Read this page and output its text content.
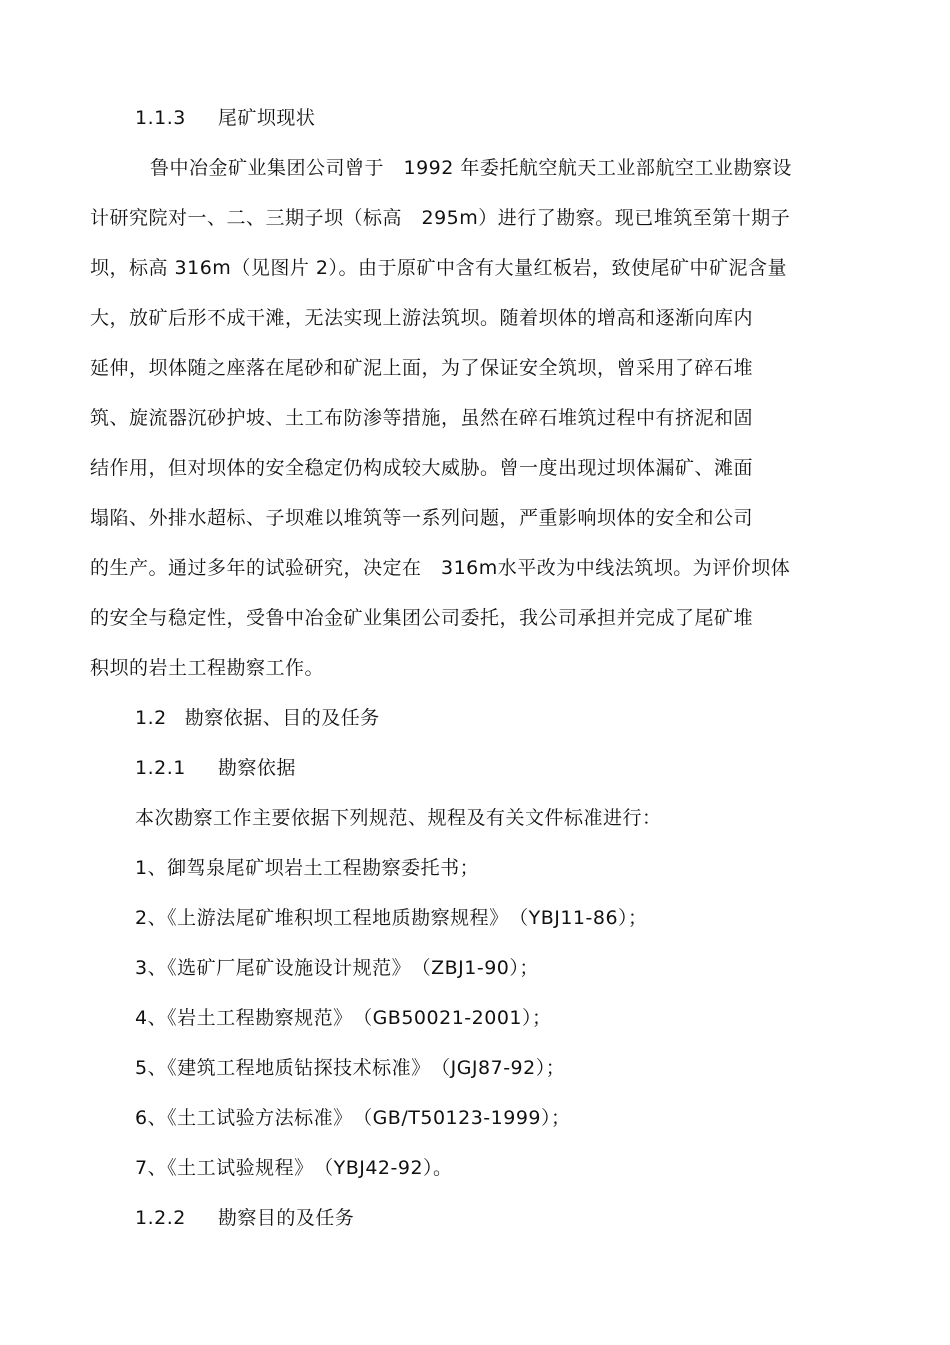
1.1.3 尾矿坝现状
鲁中冶金矿业集团公司曾于　1992 年委托航空航天工业部航空工业勘察设
计研究院对一、二、三期子坝（标高　295m）进行了勘察。现已堆筑至第十期子
坝，标高 316m（见图片 2）。由于原矿中含有大量红板岩，致使尾矿中矿泥含量
大，放矿后形不成干滩，无法实现上游法筑坝。随着坝体的增高和逐渐向库内
延伸，坝体随之座落在尾砂和矿泥上面，为了保证安全筑坝，曾采用了碎石堆
筑、旋流器沉砂护坡、土工布防渗等措施，虽然在碎石堆筑过程中有挤泥和固
结作用，但对坝体的安全稳定仍构成较大威胁。曾一度出现过坝体漏矿、滩面
塌陷、外排水超标、子坝难以堆筑等一系列问题，严重影响坝体的安全和公司
的生产。通过多年的试验研究，决定在　316m水平改为中线法筑坝。为评价坝体
的安全与稳定性，受鲁中冶金矿业集团公司委托，我公司承担并完成了尾矿堆
积坝的岩土工程勘察工作。
1.2 勘察依据、目的及任务
1.2.1 勘察依据
本次勘察工作主要依据下列规范、规程及有关文件标准进行：
1、御驾泉尾矿坝岩土工程勘察委托书；
2、《上游法尾矿堆积坝工程地质勘察规程》　（YBJ11-86）；
3、《选矿厂尾矿设施设计规范》　（ZBJ1-90）；
4、《岩土工程勘察规范》　（GB50021-2001）；
5、《建筑工程地质钻探技术标准》　（JGJ87-92）；
6、《土工试验方法标准》　（GB/T50123-1999）；
7、《土工试验规程》　（YBJ42-92）。
1.2.2 勘察目的及任务
